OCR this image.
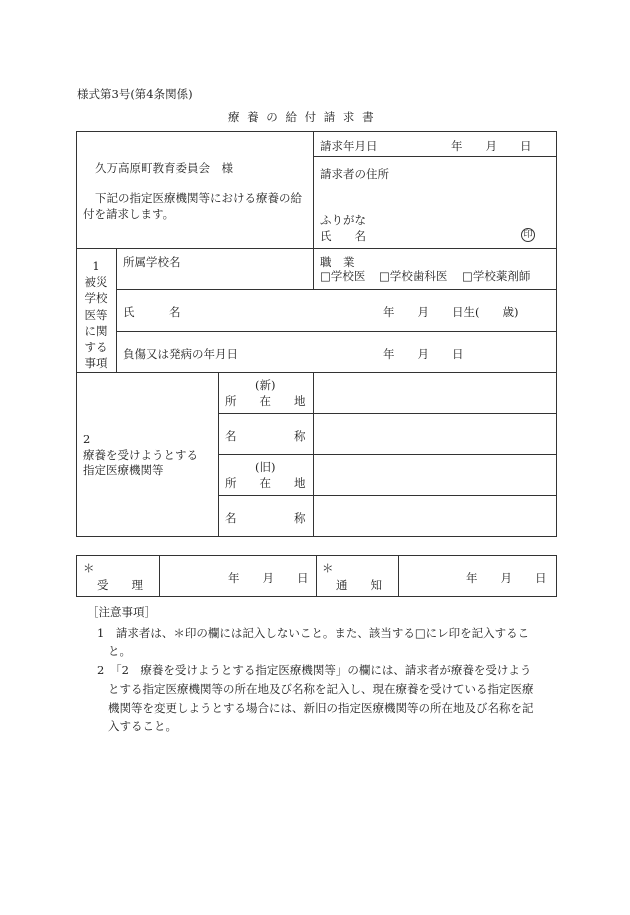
様式第3号(第4条関係)
療 養 の 給 付 請 求 書
久万高原町教育委員会　様
下記の指定医療機関等における療養の給
付を請求します。
請求年月日	年　　月　　日
請求者の住所
ふりがな
氏　　名	印
1
被災
学校
医等
に関
する
事項
所属学校名	職　業
□学校医 □学校歯科医 □学校薬剤師
氏　　　名	年　　月　　日生(　　歳)
負傷又は発病の年月日	年　　月　　日
2
療養を受けようとする
指定医療機関等
(新)
所　　在　　地
名　　　　　称
(旧)
所　　在　　地
名　　　　　称
＊
受　　理	年　　月　　日
＊
通　　知	年　　月　　日
［注意事項］
1　請求者は、＊印の欄には記入しないこと。また、該当する□にレ印を記入するこ
と。
2　「2　療養を受けようとする指定医療機関等」の欄には、請求者が療養を受けよう
とする指定医療機関等の所在地及び名称を記入し、現在療養を受けている指定医療
機関等を変更しようとする場合には、新旧の指定医療機関等の所在地及び名称を記
入すること。
